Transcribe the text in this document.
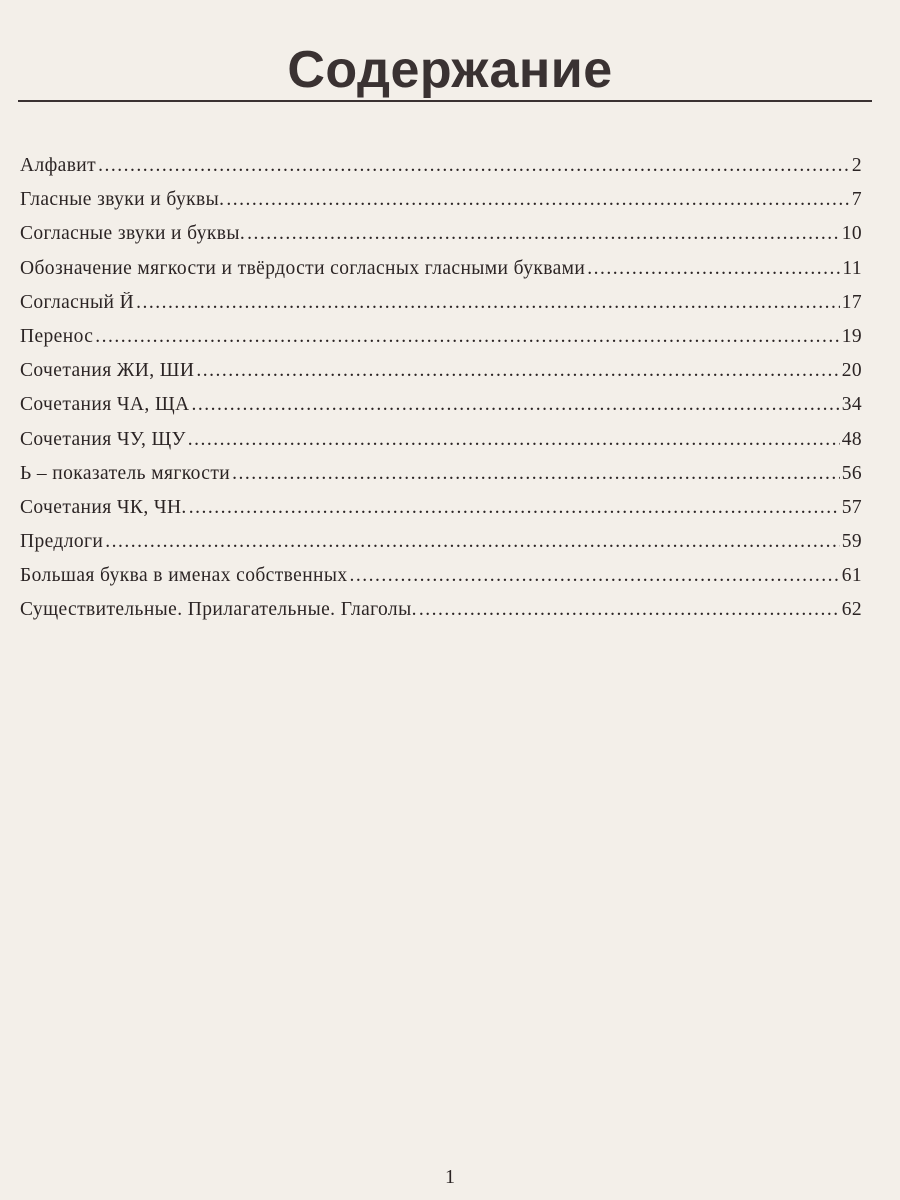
Содержание
Алфавит .....	2
Гласные звуки и буквы. .....	7
Согласные звуки и буквы. .....	10
Обозначение мягкости и твёрдости согласных гласными буквами .....	11
Согласный Й .....	17
Перенос .....	19
Сочетания ЖИ, ШИ .....	20
Сочетания ЧА, ЩА .....	34
Сочетания ЧУ, ЩУ .....	48
Ь – показатель мягкости .....	56
Сочетания ЧК, ЧН. .....	57
Предлоги .....	59
Большая буква в именах собственных .....	61
Существительные. Прилагательные. Глаголы. .....	62
1
